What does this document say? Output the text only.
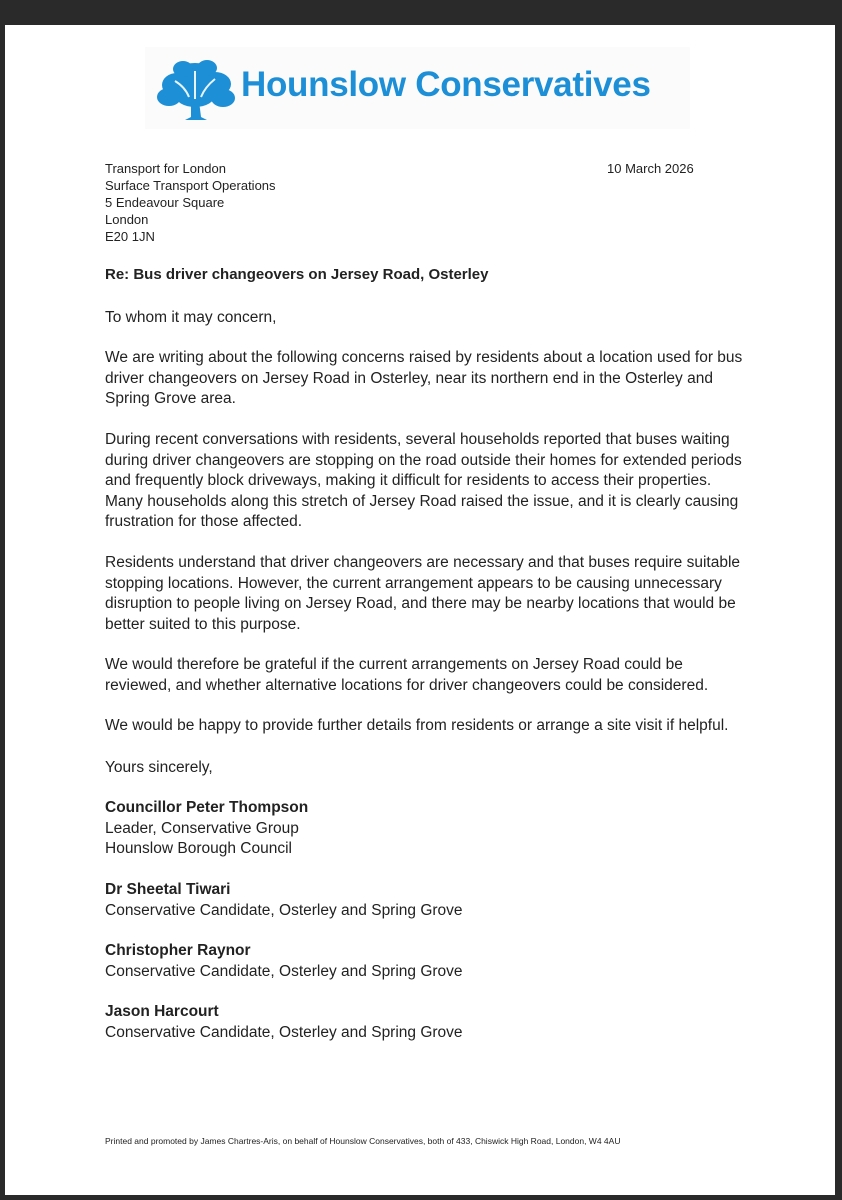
Hounslow Conservatives
Transport for London
Surface Transport Operations
5 Endeavour Square
London
E20 1JN
10 March 2026
Re: Bus driver changeovers on Jersey Road, Osterley
To whom it may concern,
We are writing about the following concerns raised by residents about a location used for bus driver changeovers on Jersey Road in Osterley, near its northern end in the Osterley and Spring Grove area.
During recent conversations with residents, several households reported that buses waiting during driver changeovers are stopping on the road outside their homes for extended periods and frequently block driveways, making it difficult for residents to access their properties. Many households along this stretch of Jersey Road raised the issue, and it is clearly causing frustration for those affected.
Residents understand that driver changeovers are necessary and that buses require suitable stopping locations. However, the current arrangement appears to be causing unnecessary disruption to people living on Jersey Road, and there may be nearby locations that would be better suited to this purpose.
We would therefore be grateful if the current arrangements on Jersey Road could be reviewed, and whether alternative locations for driver changeovers could be considered.
We would be happy to provide further details from residents or arrange a site visit if helpful.
Yours sincerely,
Councillor Peter Thompson
Leader, Conservative Group
Hounslow Borough Council
Dr Sheetal Tiwari
Conservative Candidate, Osterley and Spring Grove
Christopher Raynor
Conservative Candidate, Osterley and Spring Grove
Jason Harcourt
Conservative Candidate, Osterley and Spring Grove
Printed and promoted by James Chartres-Aris, on behalf of Hounslow Conservatives, both of 433, Chiswick High Road, London, W4 4AU
